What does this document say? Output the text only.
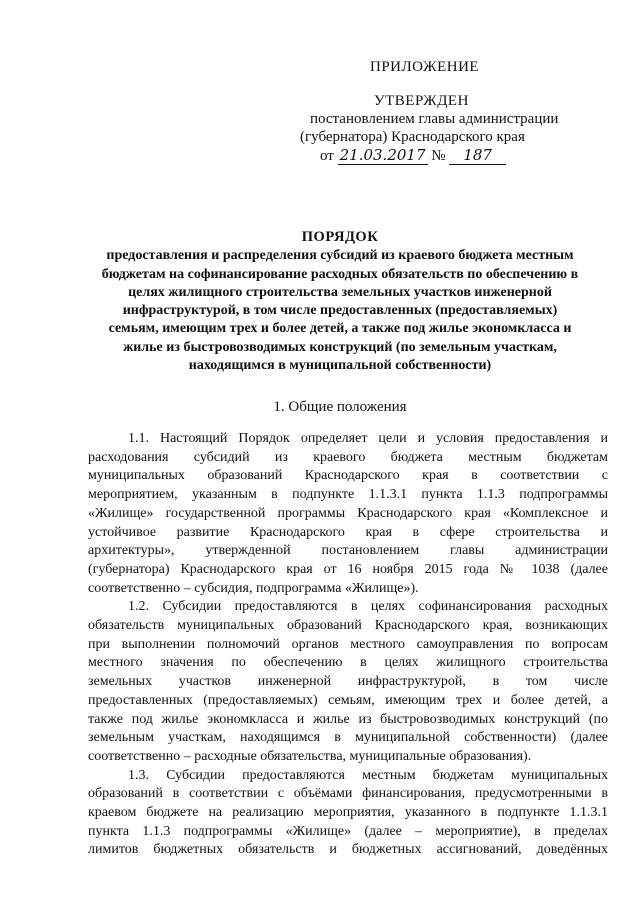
ПРИЛОЖЕНИЕ
УТВЕРЖДЕН
постановлением главы администрации
(губернатора) Краснодарского края
от 21.03.2017 № 187
ПОРЯДОК
предоставления и распределения субсидий из краевого бюджета местным
бюджетам на софинансирование расходных обязательств по обеспечению в
целях жилищного строительства земельных участков инженерной
инфраструктурой, в том числе предоставленных (предоставляемых)
семьям, имеющим трех и более детей, а также под жилье экономкласса и
жилье из быстровозводимых конструкций (по земельным участкам,
находящимся в муниципальной собственности)
1. Общие положения
1.1. Настоящий Порядок определяет цели и условия предоставления и
расходования субсидий из краевого бюджета местным бюджетам
муниципальных образований Краснодарского края в соответствии с
мероприятием, указанным в подпункте 1.1.3.1 пункта 1.1.3 подпрограммы
«Жилище» государственной программы Краснодарского края «Комплексное и
устойчивое развитие Краснодарского края в сфере строительства и
архитектуры», утвержденной постановлением главы администрации
(губернатора) Краснодарского края от 16 ноября 2015 года № 1038 (далее
соответственно – субсидия, подпрограмма «Жилище»).
1.2. Субсидии предоставляются в целях софинансирования расходных
обязательств муниципальных образований Краснодарского края, возникающих
при выполнении полномочий органов местного самоуправления по вопросам
местного значения по обеспечению в целях жилищного строительства
земельных участков инженерной инфраструктурой, в том числе
предоставленных (предоставляемых) семьям, имеющим трех и более детей, а
также под жилье экономкласса и жилье из быстровозводимых конструкций (по
земельным участкам, находящимся в муниципальной собственности) (далее
соответственно – расходные обязательства, муниципальные образования).
1.3. Субсидии предоставляются местным бюджетам муниципальных
образований в соответствии с объёмами финансирования, предусмотренными в
краевом бюджете на реализацию мероприятия, указанного в подпункте 1.1.3.1
пункта 1.1.3 подпрограммы «Жилище» (далее – мероприятие), в пределах
лимитов бюджетных обязательств и бюджетных ассигнований, доведённых
